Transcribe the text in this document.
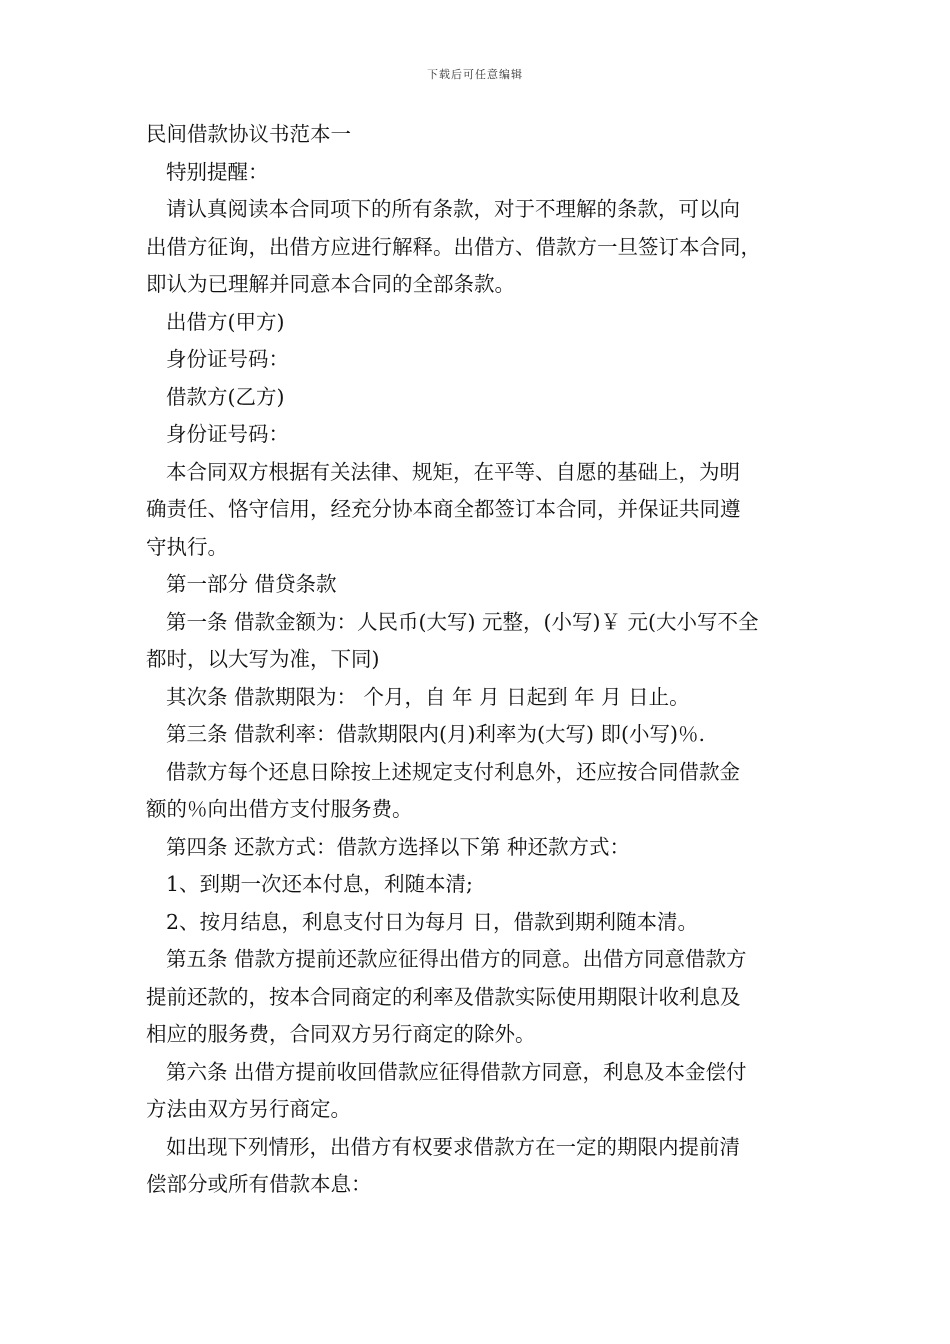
下载后可任意编辑
民间借款协议书范本一
特别提醒：
请认真阅读本合同项下的所有条款，对于不理解的条款，可以向
出借方征询，出借方应进行解释。出借方、借款方一旦签订本合同，
即认为已理解并同意本合同的全部条款。
出借方(甲方)
身份证号码：
借款方(乙方)
身份证号码：
本合同双方根据有关法律、规矩，在平等、自愿的基础上，为明
确责任、恪守信用，经充分协本商全都签订本合同，并保证共同遵
守执行。
第一部分 借贷条款
第一条 借款金额为：人民币(大写) 元整，(小写)￥ 元(大小写不全
都时，以大写为准，下同)
其次条 借款期限为： 个月，自 年 月 日起到 年 月 日止。
第三条 借款利率：借款期限内(月)利率为(大写) 即(小写)％.
借款方每个还息日除按上述规定支付利息外，还应按合同借款金
额的％向出借方支付服务费。
第四条 还款方式：借款方选择以下第 种还款方式：
1、到期一次还本付息，利随本清;
2、按月结息，利息支付日为每月 日，借款到期利随本清。
第五条 借款方提前还款应征得出借方的同意。出借方同意借款方
提前还款的，按本合同商定的利率及借款实际使用期限计收利息及
相应的服务费，合同双方另行商定的除外。
第六条 出借方提前收回借款应征得借款方同意，利息及本金偿付
方法由双方另行商定。
如出现下列情形，出借方有权要求借款方在一定的期限内提前清
偿部分或所有借款本息：
